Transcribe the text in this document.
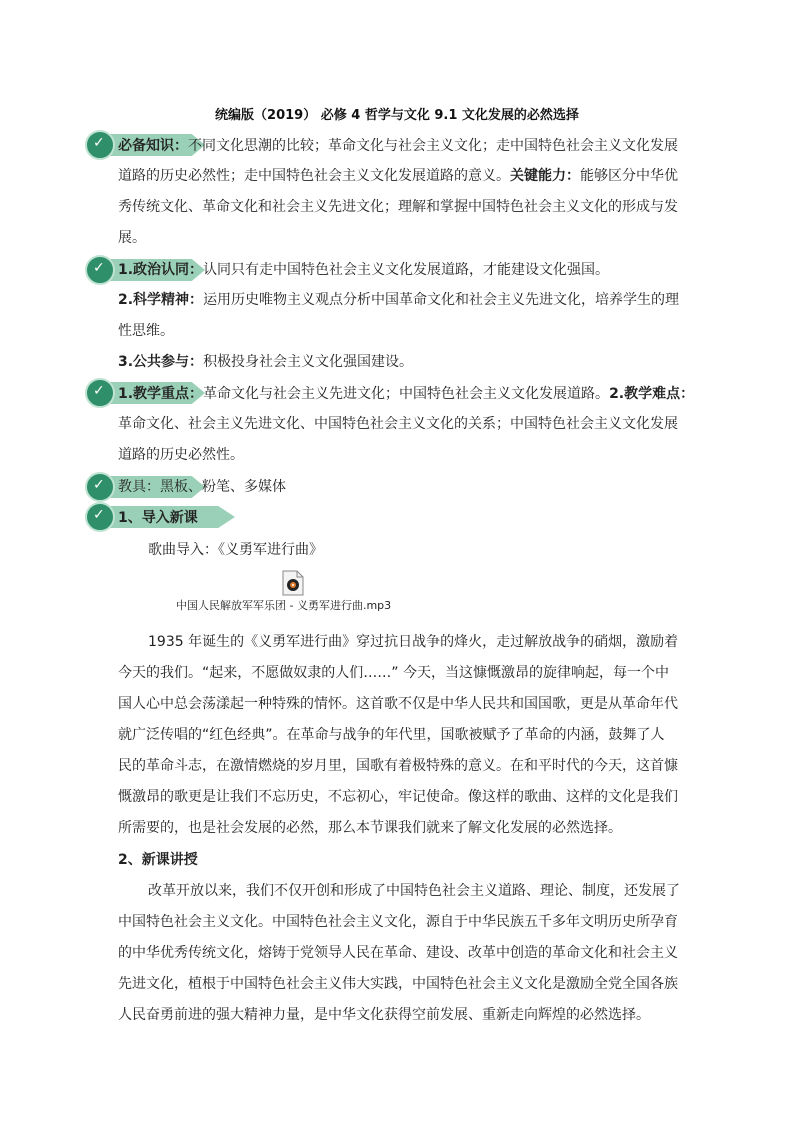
统编版（2019） 必修 4 哲学与文化 9.1 文化发展的必然选择
✓ 必备知识：不同文化思潮的比较；革命文化与社会主义文化；走中国特色社会主义文化发展
道路的历史必然性；走中国特色社会主义文化发展道路的意义。关键能力：能够区分中华优
秀传统文化、革命文化和社会主义先进文化；理解和掌握中国特色社会主义文化的形成与发
展。
✓ 1.政治认同：认同只有走中国特色社会主义文化发展道路，才能建设文化强国。
2.科学精神：运用历史唯物主义观点分析中国革命文化和社会主义先进文化，培养学生的理
性思维。
3.公共参与：积极投身社会主义文化强国建设。
✓ 1.教学重点：革命文化与社会主义先进文化；中国特色社会主义文化发展道路。2.教学难点：
革命文化、社会主义先进文化、中国特色社会主义文化的关系；中国特色社会主义文化发展
道路的历史必然性。
✓ 教具：黑板、粉笔、多媒体
✓ 1、导入新课
歌曲导入：《义勇军进行曲》
中国人民解放军军乐团 - 义勇军进行曲.mp3
1935 年诞生的《义勇军进行曲》穿过抗日战争的烽火，走过解放战争的硝烟，激励着
今天的我们。“起来，不愿做奴隶的人们……” 今天，当这慷慨激昂的旋律响起，每一个中
国人心中总会荡漾起一种特殊的情怀。这首歌不仅是中华人民共和国国歌，更是从革命年代
就广泛传唱的“红色经典”。在革命与战争的年代里，国歌被赋予了革命的内涵，鼓舞了人
民的革命斗志，在激情燃烧的岁月里，国歌有着极特殊的意义。在和平时代的今天，这首慷
慨激昂的歌更是让我们不忘历史，不忘初心，牢记使命。像这样的歌曲、这样的文化是我们
所需要的，也是社会发展的必然，那么本节课我们就来了解文化发展的必然选择。
2、新课讲授
改革开放以来，我们不仅开创和形成了中国特色社会主义道路、理论、制度，还发展了
中国特色社会主义文化。中国特色社会主义文化，源自于中华民族五千多年文明历史所孕育
的中华优秀传统文化，熔铸于党领导人民在革命、建设、改革中创造的革命文化和社会主义
先进文化，植根于中国特色社会主义伟大实践，中国特色社会主义文化是激励全党全国各族
人民奋勇前进的强大精神力量，是中华文化获得空前发展、重新走向辉煌的必然选择。
